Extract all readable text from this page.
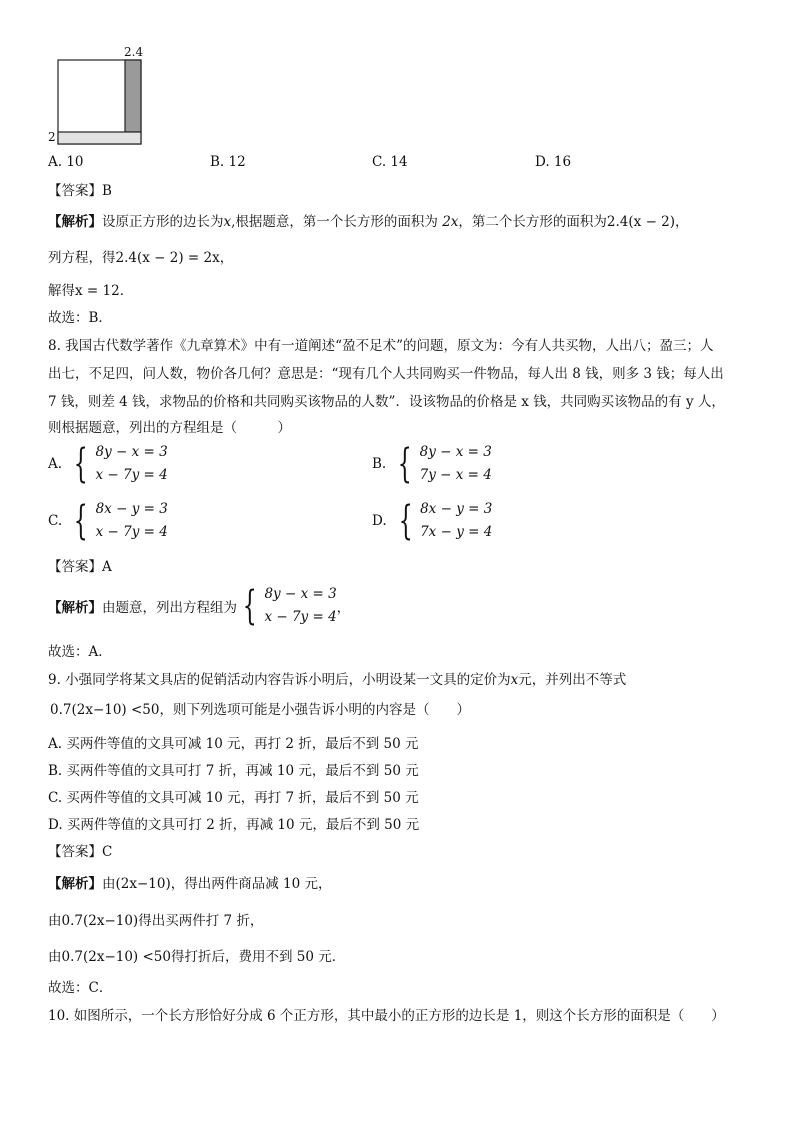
2.4
2
A. 10	B. 12	C. 14	D. 16
【答案】B
【解析】设原正方形的边长为x,根据题意，第一个长方形的面积为 2x，第二个长方形的面积为2.4(x − 2)，
列方程，得2.4(x − 2) = 2x，
解得x = 12．
故选：B．
8. 我国古代数学著作《九章算术》中有一道阐述“盈不足术”的问题，原文为：今有人共买物，人出八；盈三；人
出七，不足四，问人数，物价各几何？意思是：“现有几个人共同购买一件物品，每人出 8 钱，则多 3 钱；每人出
7 钱，则差 4 钱，求物品的价格和共同购买该物品的人数”．设该物品的价格是 x 钱，共同购买该物品的有 y 人，
则根据题意，列出的方程组是（　　　）
A. { 8y − x = 3
x − 7y = 4
B. { 8y − x = 3
7y − x = 4
C. { 8x − y = 3
x − 7y = 4
D. { 8x − y = 3
7x − y = 4
【答案】A
【解析】 由题意，列出方程组为 { 8y − x = 3
x − 7y = 4
，
故选：A．
9. 小强同学将某文具店的促销活动内容告诉小明后，小明设某一文具的定价为x元，并列出不等式
0.7(2x−10) <50，则下列选项可能是小强告诉小明的内容是（　　）
A. 买两件等值的文具可减 10 元，再打 2 折，最后不到 50 元
B. 买两件等值的文具可打 7 折，再减 10 元，最后不到 50 元
C. 买两件等值的文具可减 10 元，再打 7 折，最后不到 50 元
D. 买两件等值的文具可打 2 折，再减 10 元，最后不到 50 元
【答案】C
【解析】由(2x−10)，得出两件商品减 10 元，
由0.7(2x−10)得出买两件打 7 折，
由0.7(2x−10) <50得打折后，费用不到 50 元．
故选：C．
10. 如图所示，一个长方形恰好分成 6 个正方形，其中最小的正方形的边长是 1，则这个长方形的面积是（　　）
